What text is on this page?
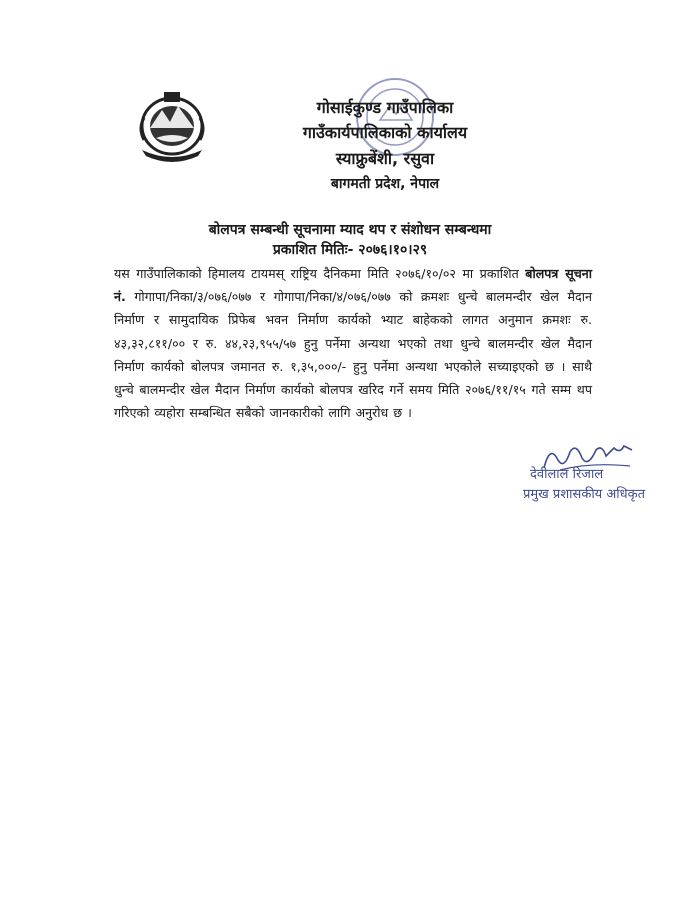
गोसाईकुण्ड गाउँपालिका
गाउँकार्यपालिकाको कार्यालय
स्याफ्रुबेंशी, रसुवा
बागमती प्रदेश, नेपाल
बोलपत्र सम्बन्धी सूचनामा म्याद थप र संशोधन सम्बन्धमा
प्रकाशित मितिः- २०७६।१०।२९
यस गाउँपालिकाको हिमालय टायमस् राष्ट्रिय दैनिकमा मिति २०७६/१०/०२ मा प्रकाशित बोलपत्र सूचना नं. गोगापा/निका/३/०७६/०७७ र गोगापा/निका/४/०७६/०७७ को क्रमशः धुन्चे बालमन्दीर खेल मैदान निर्माण र सामुदायिक प्रिफेब भवन निर्माण कार्यको भ्याट बाहेकको लागत अनुमान क्रमशः रु. ४३,३२,८११/०० र रु. ४४,२३,९५५/५७ हुनु पर्नेमा अन्यथा भएको तथा धुन्चे बालमन्दीर खेल मैदान निर्माण कार्यको बोलपत्र जमानत रु. १,३५,०००/- हुनु पर्नेमा अन्यथा भएकोले सच्याइएको छ । साथै धुन्चे बालमन्दीर खेल मैदान निर्माण कार्यको बोलपत्र खरिद गर्ने समय मिति २०७६/११/१५ गते सम्म थप गरिएको व्यहोरा सम्बन्धित सबैको जानकारीको लागि अनुरोध छ ।
देवीलाल रिजाल
प्रमुख प्रशासकीय अधिकृत
